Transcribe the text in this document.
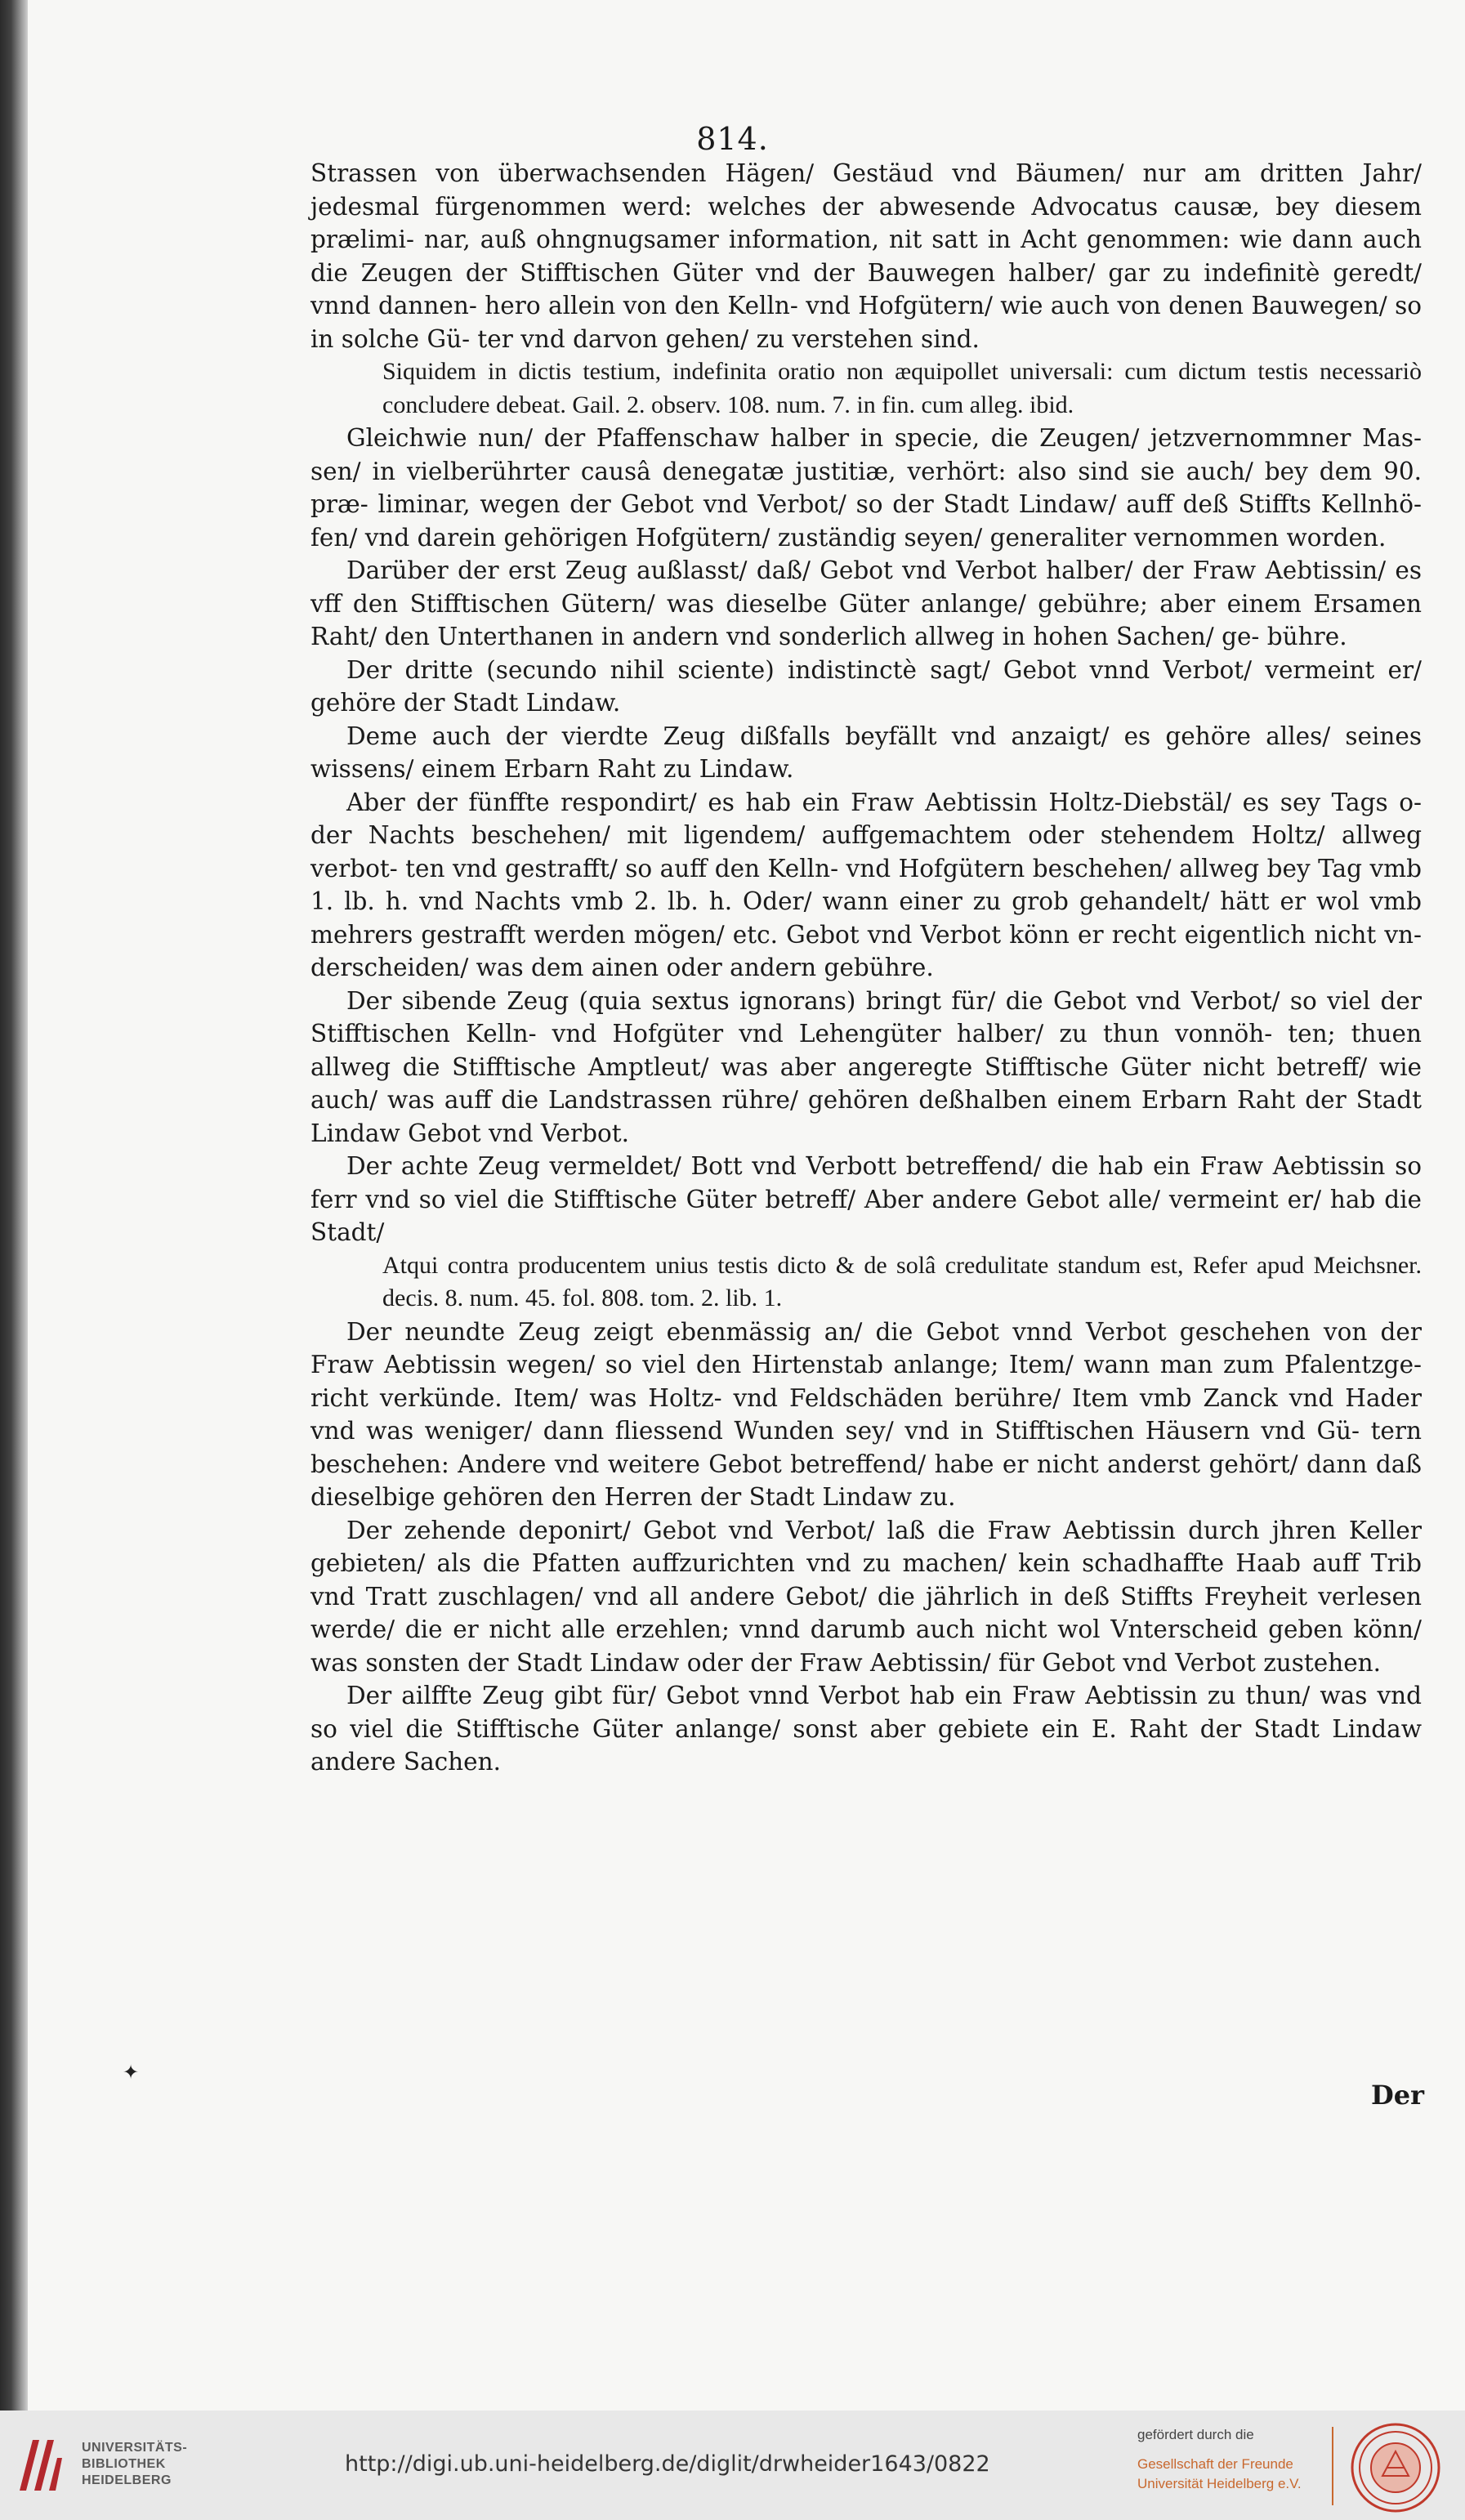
814.

Strassen von überwachsenden Hägen/ Gestäud vnd Bäumen/ nur am dritten Jahr/ jedesmal fürgenommen werd: welches der abwesende Advocatus causæ, bey diesem prælimi- nar, auß ohngnugsamer information, nit satt in Acht genommen: wie dann auch die Zeugen der Stifftischen Güter vnd der Bauwegen halber/ gar zu indefinitè geredt/ vnnd dannen- hero allein von den Kelln- vnd Hofgütern/ wie auch von denen Bauwegen/ so in solche Gü- ter vnd darvon gehen/ zu verstehen sind.

Siquidem in dictis testium, indefinita oratio non æquipollet universali: cum dictum testis necessariò concludere debeat. Gail. 2. observ. 108. num. 7. in fin. cum alleg. ibid.

Gleichwie nun/ der Pfaffenschaw halber in specie, die Zeugen/ jetzvernommner Mas- sen/ in vielberührter causâ denegatæ justitiæ, verhört: also sind sie auch/ bey dem 90. præ- liminar, wegen der Gebot vnd Verbot/ so der Stadt Lindaw/ auff deß Stiffts Kellnhö- fen/ vnd darein gehörigen Hofgütern/ zuständig seyen/ generaliter vernommen worden.

Darüber der erst Zeug außlasst/ daß/ Gebot vnd Verbot halber/ der Fraw Aebtissin/ es vff den Stifftischen Gütern/ was dieselbe Güter anlange/ gebühre; aber einem Ersamen Raht/ den Unterthanen in andern vnd sonderlich allweg in hohen Sachen/ ge- bühre.

Der dritte (secundo nihil sciente) indistinctè sagt/ Gebot vnnd Verbot/ vermeint er/ gehöre der Stadt Lindaw.

Deme auch der vierdte Zeug dißfalls beyfällt vnd anzaigt/ es gehöre alles/ seines wissens/ einem Erbarn Raht zu Lindaw.

Aber der fünffte respondirt/ es hab ein Fraw Aebtissin Holtz-Diebstäl/ es sey Tags o- der Nachts beschehen/ mit ligendem/ auffgemachtem oder stehendem Holtz/ allweg verbot- ten vnd gestrafft/ so auff den Kelln- vnd Hofgütern beschehen/ allweg bey Tag vmb 1. lb. h. vnd Nachts vmb 2. lb. h. Oder/ wann einer zu grob gehandelt/ hätt er wol vmb mehrers gestrafft werden mögen/ etc. Gebot vnd Verbot könn er recht eigentlich nicht vn- derscheiden/ was dem ainen oder andern gebühre.

Der sibende Zeug (quia sextus ignorans) bringt für/ die Gebot vnd Verbot/ so viel der Stifftischen Kelln- vnd Hofgüter vnd Lehengüter halber/ zu thun vonnöh- ten; thuen allweg die Stifftische Amptleut/ was aber angeregte Stifftische Güter nicht betreff/ wie auch/ was auff die Landstrassen rühre/ gehören deßhalben einem Erbarn Raht der Stadt Lindaw Gebot vnd Verbot.

Der achte Zeug vermeldet/ Bott vnd Verbott betreffend/ die hab ein Fraw Aebtissin so ferr vnd so viel die Stifftische Güter betreff/ Aber andere Gebot alle/ vermeint er/ hab die Stadt/

Atqui contra producentem unius testis dicto & de solâ credulitate standum est, Refer apud Meichsner. decis. 8. num. 45. fol. 808. tom. 2. lib. 1.

Der neundte Zeug zeigt ebenmässig an/ die Gebot vnnd Verbot geschehen von der Fraw Aebtissin wegen/ so viel den Hirtenstab anlange; Item/ wann man zum Pfalentzge- richt verkünde. Item/ was Holtz- vnd Feldschäden berühre/ Item vmb Zanck vnd Hader vnd was weniger/ dann fliessend Wunden sey/ vnd in Stifftischen Häusern vnd Gü- tern beschehen: Andere vnd weitere Gebot betreffend/ habe er nicht anderst gehört/ dann daß dieselbige gehören den Herren der Stadt Lindaw zu.

Der zehende deponirt/ Gebot vnd Verbot/ laß die Fraw Aebtissin durch jhren Keller gebieten/ als die Pfatten auffzurichten vnd zu machen/ kein schadhaffte Haab auff Trib vnd Tratt zuschlagen/ vnd all andere Gebot/ die jährlich in deß Stiffts Freyheit verlesen werde/ die er nicht alle erzehlen; vnnd darumb auch nicht wol Vnterscheid geben könn/ was sonsten der Stadt Lindaw oder der Fraw Aebtissin/ für Gebot vnd Verbot zustehen.

Der ailffte Zeug gibt für/ Gebot vnnd Verbot hab ein Fraw Aebtissin zu thun/ was vnd so viel die Stifftische Güter anlange/ sonst aber gebiete ein E. Raht der Stadt Lindaw andere Sachen.

Der
✦
UNIVERSITÄTS-
BIBLIOTHEK
HEIDELBERG
http://digi.ub.uni-heidelberg.de/diglit/drwheider1643/0822
gefördert durch die
Gesellschaft der Freunde
Universität Heidelberg e.V.
